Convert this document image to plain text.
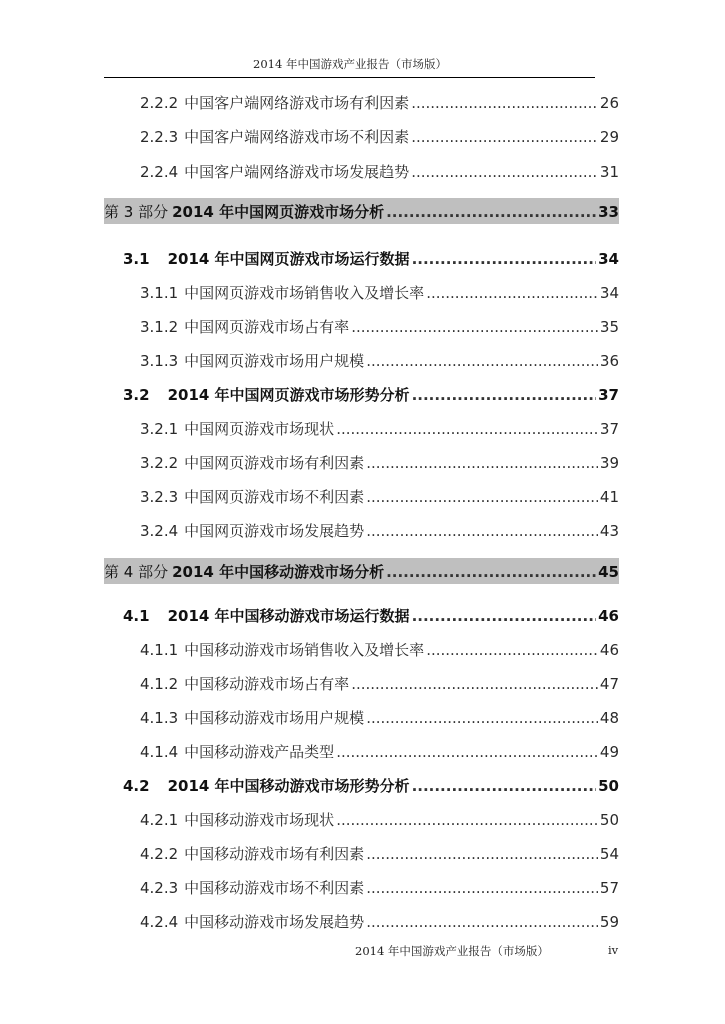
2014 年中国游戏产业报告（市场版）
2.2.2 中国客户端网络游戏市场有利因素 .....	26
2.2.3 中国客户端网络游戏市场不利因素 .....	29
2.2.4 中国客户端网络游戏市场发展趋势 .....	31
第 3 部分 2014 年中国网页游戏市场分析 .....	33
3.1 2014 年中国网页游戏市场运行数据 .....	34
3.1.1 中国网页游戏市场销售收入及增长率 .....	34
3.1.2 中国网页游戏市场占有率 .....	35
3.1.3 中国网页游戏市场用户规模 .....	36
3.2 2014 年中国网页游戏市场形势分析 .....	37
3.2.1 中国网页游戏市场现状 .....	37
3.2.2 中国网页游戏市场有利因素 .....	39
3.2.3 中国网页游戏市场不利因素 .....	41
3.2.4 中国网页游戏市场发展趋势 .....	43
第 4 部分 2014 年中国移动游戏市场分析 .....	45
4.1 2014 年中国移动游戏市场运行数据 .....	46
4.1.1 中国移动游戏市场销售收入及增长率 .....	46
4.1.2 中国移动游戏市场占有率 .....	47
4.1.3 中国移动游戏市场用户规模 .....	48
4.1.4 中国移动游戏产品类型 .....	49
4.2 2014 年中国移动游戏市场形势分析 .....	50
4.2.1 中国移动游戏市场现状 .....	50
4.2.2 中国移动游戏市场有利因素 .....	54
4.2.3 中国移动游戏市场不利因素 .....	57
4.2.4 中国移动游戏市场发展趋势 .....	59
2014 年中国游戏产业报告（市场版）	iv
